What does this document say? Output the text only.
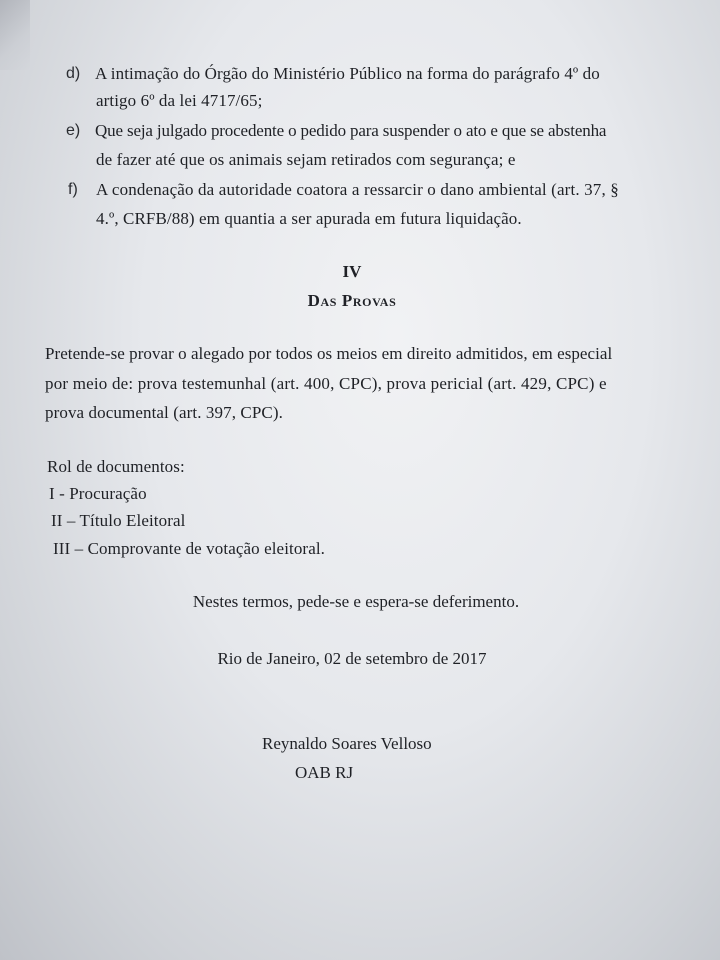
d) A intimação do Órgão do Ministério Público na forma do parágrafo 4º do
artigo 6º da lei 4717/65;
e) Que seja julgado procedente o pedido para suspender o ato e que se abstenha
de fazer até que os animais sejam retirados com segurança; e
f) A condenação da autoridade coatora a ressarcir o dano ambiental (art. 37, §
4.º, CRFB/88) em quantia a ser apurada em futura liquidação.
IV
Das Provas
Pretende-se provar o alegado por todos os meios em direito admitidos, em especial
por meio de: prova testemunhal (art. 400, CPC), prova pericial (art. 429, CPC) e
prova documental (art. 397, CPC).
Rol de documentos:
I - Procuração
II – Título Eleitoral
III – Comprovante de votação eleitoral.
Nestes termos, pede-se e espera-se deferimento.
Rio de Janeiro, 02 de setembro de 2017
Reynaldo Soares Velloso
OAB RJ
